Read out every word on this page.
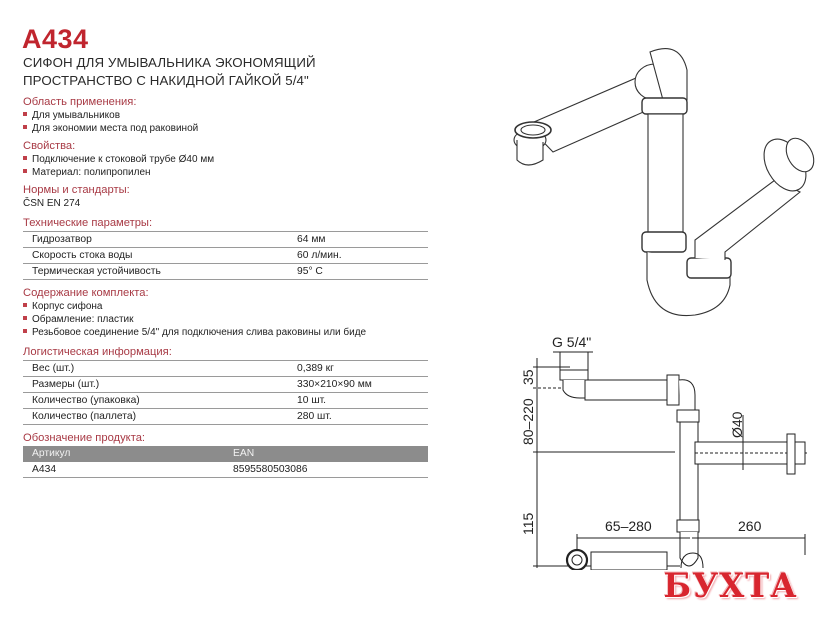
A434
СИФОН ДЛЯ УМЫВАЛЬНИКА ЭКОНОМЯЩИЙ
ПРОСТРАНСТВО С НАКИДНОЙ ГАЙКОЙ 5/4"
Область применения:
Для умывальников
Для экономии места под раковиной
Свойства:
Подключение к стоковой трубе Ø40 мм
Материал: полипропилен
Нормы и стандарты:
ČSN EN 274
Технические параметры:
Гидрозатвор	64 мм
Скорость стока воды	60 л/мин.
Термическая устойчивость	95° C
Содержание комплекта:
Корпус сифона
Обрамление: пластик
Резьбовое соединение 5/4" для подключения слива раковины или биде
Логистическая информация:
Вес (шт.)	0,389 кг
Размеры (шт.)	330×210×90 мм
Количество (упаковка)	10 шт.
Количество (паллета)	280 шт.
Обозначение продукта:
Артикул	EAN
A434	8595580503086
G 5/4"
35
80–220
115
Ø40
65–280	260
БУХТА
